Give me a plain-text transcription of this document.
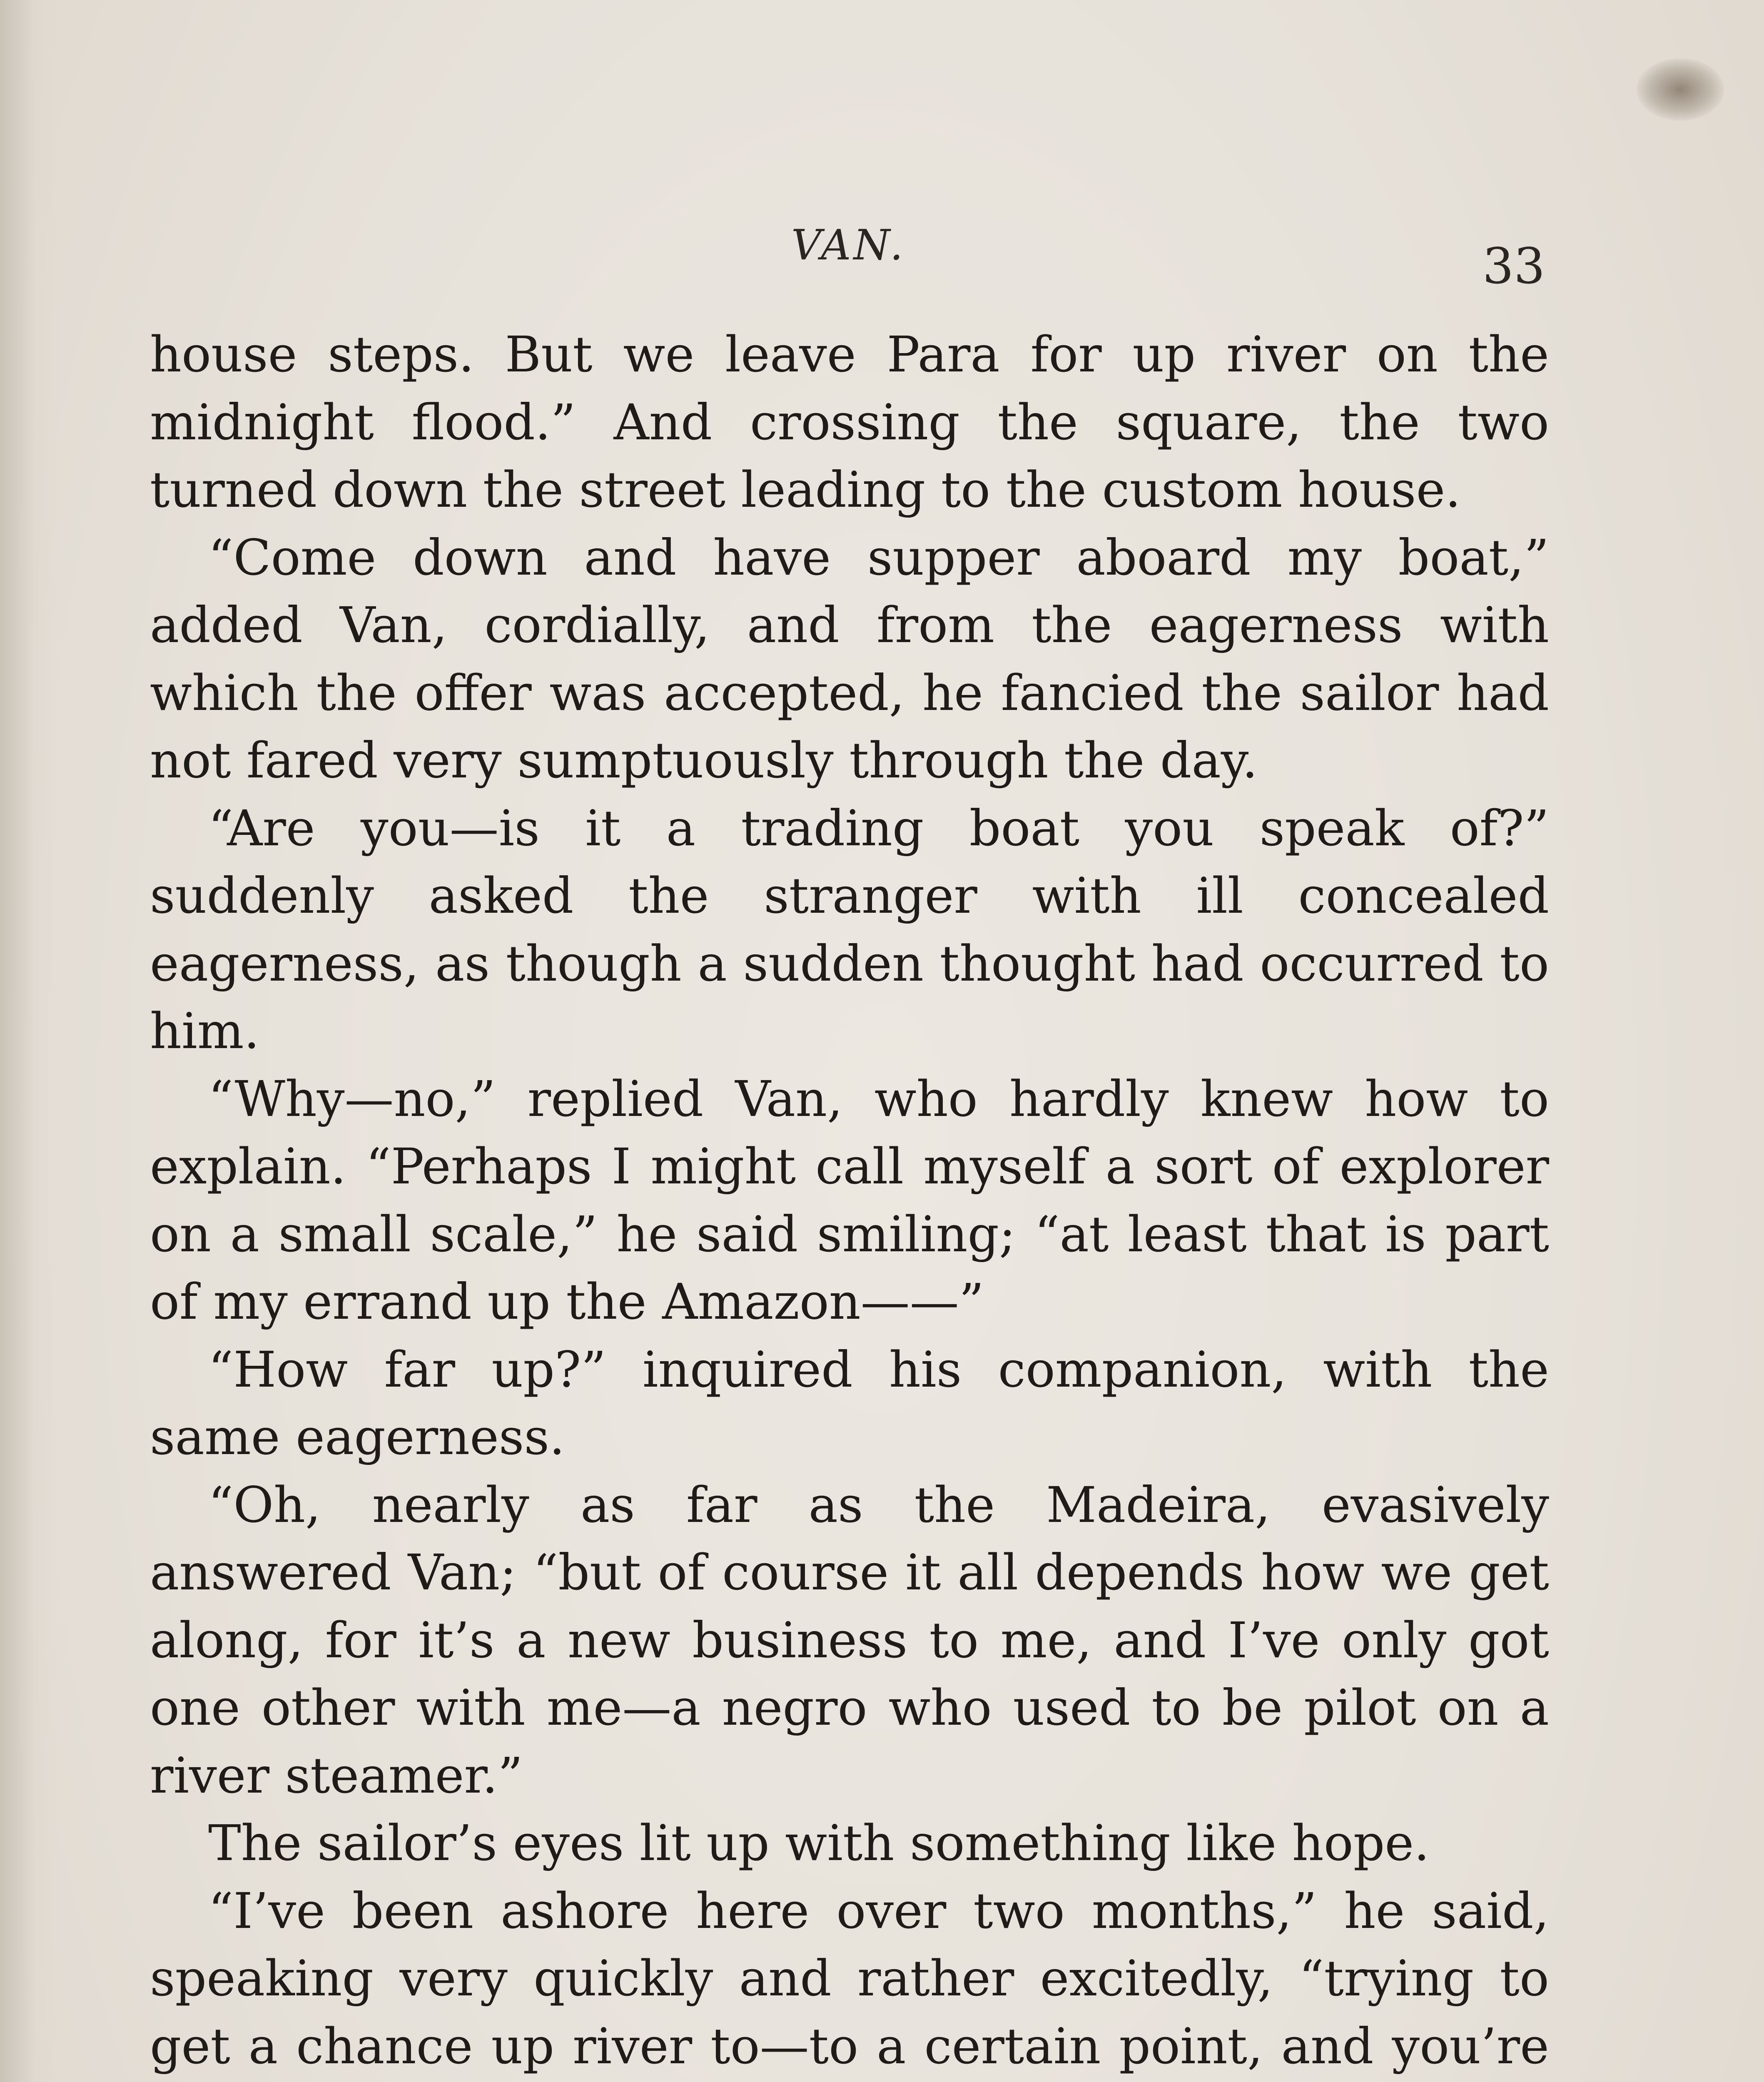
VAN.	33

house steps. But we leave Para for up river on the midnight flood.” And crossing the square, the two turned down the street leading to the custom house.

“Come down and have supper aboard my boat,” added Van, cordially, and from the eagerness with which the offer was accepted, he fancied the sailor had not fared very sumptuously through the day.

“Are you—is it a trading boat you speak of?” suddenly asked the stranger with ill concealed eagerness, as though a sudden thought had occurred to him.

“Why—no,” replied Van, who hardly knew how to explain. “Perhaps I might call myself a sort of explorer on a small scale,” he said smiling; “at least that is part of my errand up the Amazon——”

“How far up?” inquired his companion, with the same eagerness.

“Oh, nearly as far as the Madeira, evasively answered Van; “but of course it all depends how we get along, for it’s a new business to me, and I’ve only got one other with me—a negro who used to be pilot on a river steamer.”

The sailor’s eyes lit up with something like hope.

“I’ve been ashore here over two months,” he said, speaking very quickly and rather excitedly, “trying to get a chance up river to—to a certain point, and you’re
